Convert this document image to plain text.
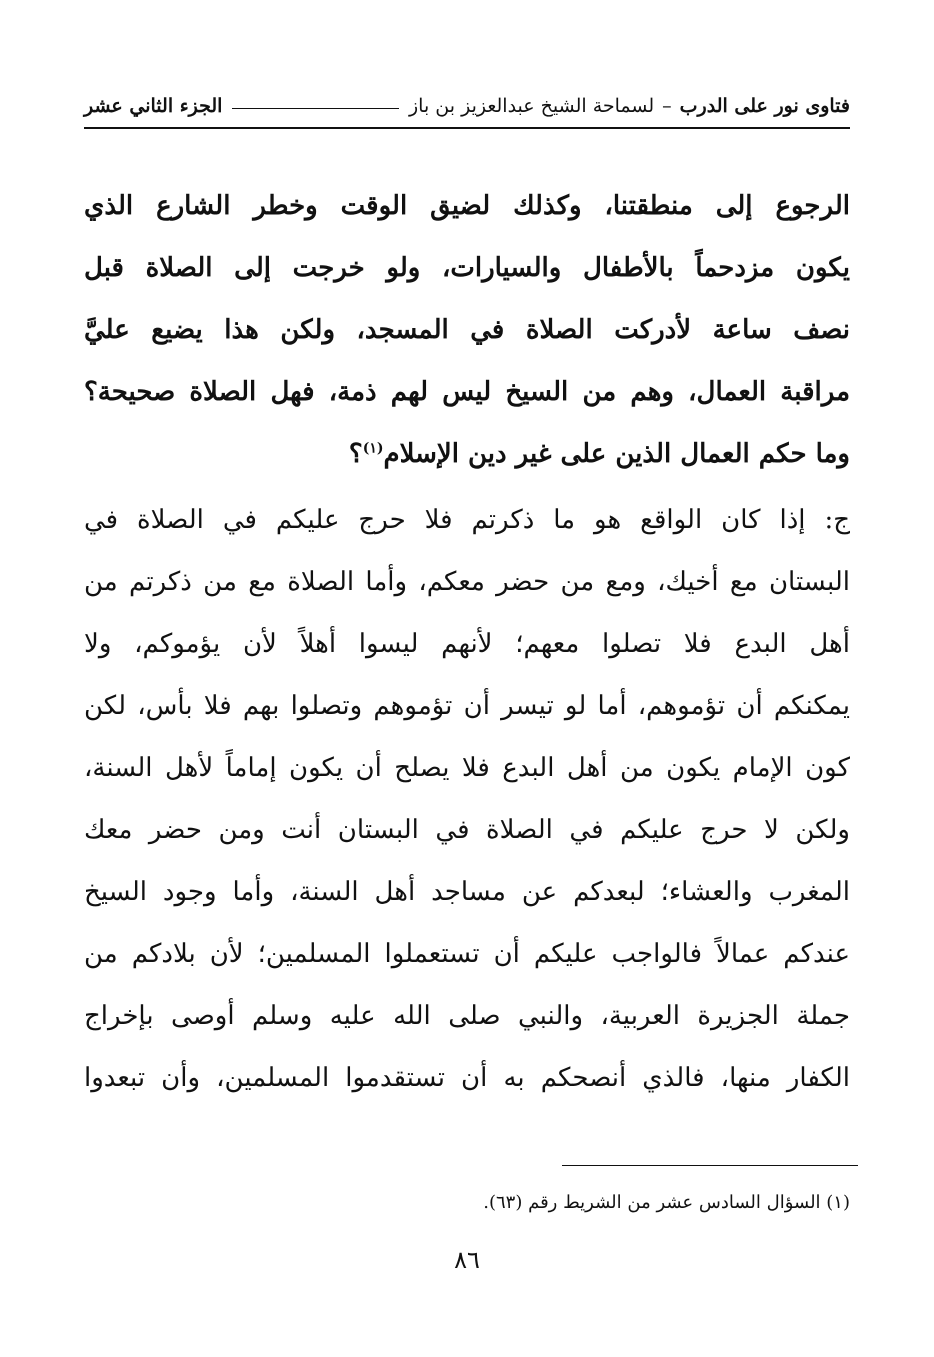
فتاوى نور على الدرب
–
لسماحة الشيخ عبدالعزيز بن باز
الجزء الثاني عشر
الرجوع إلى منطقتنا، وكذلك لضيق الوقت وخطر الشارع الذي
يكون مزدحماً بالأطفال والسيارات، ولو خرجت إلى الصلاة قبل
نصف ساعة لأدركت الصلاة في المسجد، ولكن هذا يضيع عليَّ
مراقبة العمال، وهم من السيخ ليس لهم ذمة، فهل الصلاة صحيحة؟
وما حكم العمال الذين على غير دين الإسلام$^{(١)}$؟
ج: إذا كان الواقع هو ما ذكرتم فلا حرج عليكم في الصلاة في
البستان مع أخيك، ومع من حضر معكم، وأما الصلاة مع من ذكرتم من
أهل البدع فلا تصلوا معهم؛ لأنهم ليسوا أهلاً لأن يؤموكم، ولا
يمكنكم أن تؤموهم، أما لو تيسر أن تؤموهم وتصلوا بهم فلا بأس، لكن
كون الإمام يكون من أهل البدع فلا يصلح أن يكون إماماً لأهل السنة،
ولكن لا حرج عليكم في الصلاة في البستان أنت ومن حضر معك
المغرب والعشاء؛ لبعدكم عن مساجد أهل السنة، وأما وجود السيخ
عندكم عمالاً فالواجب عليكم أن تستعملوا المسلمين؛ لأن بلادكم من
جملة الجزيرة العربية، والنبي صلى الله عليه وسلم أوصى بإخراج
الكفار منها، فالذي أنصحكم به أن تستقدموا المسلمين، وأن تبعدوا
(١) السؤال السادس عشر من الشريط رقم (٦٣).
٨٦
